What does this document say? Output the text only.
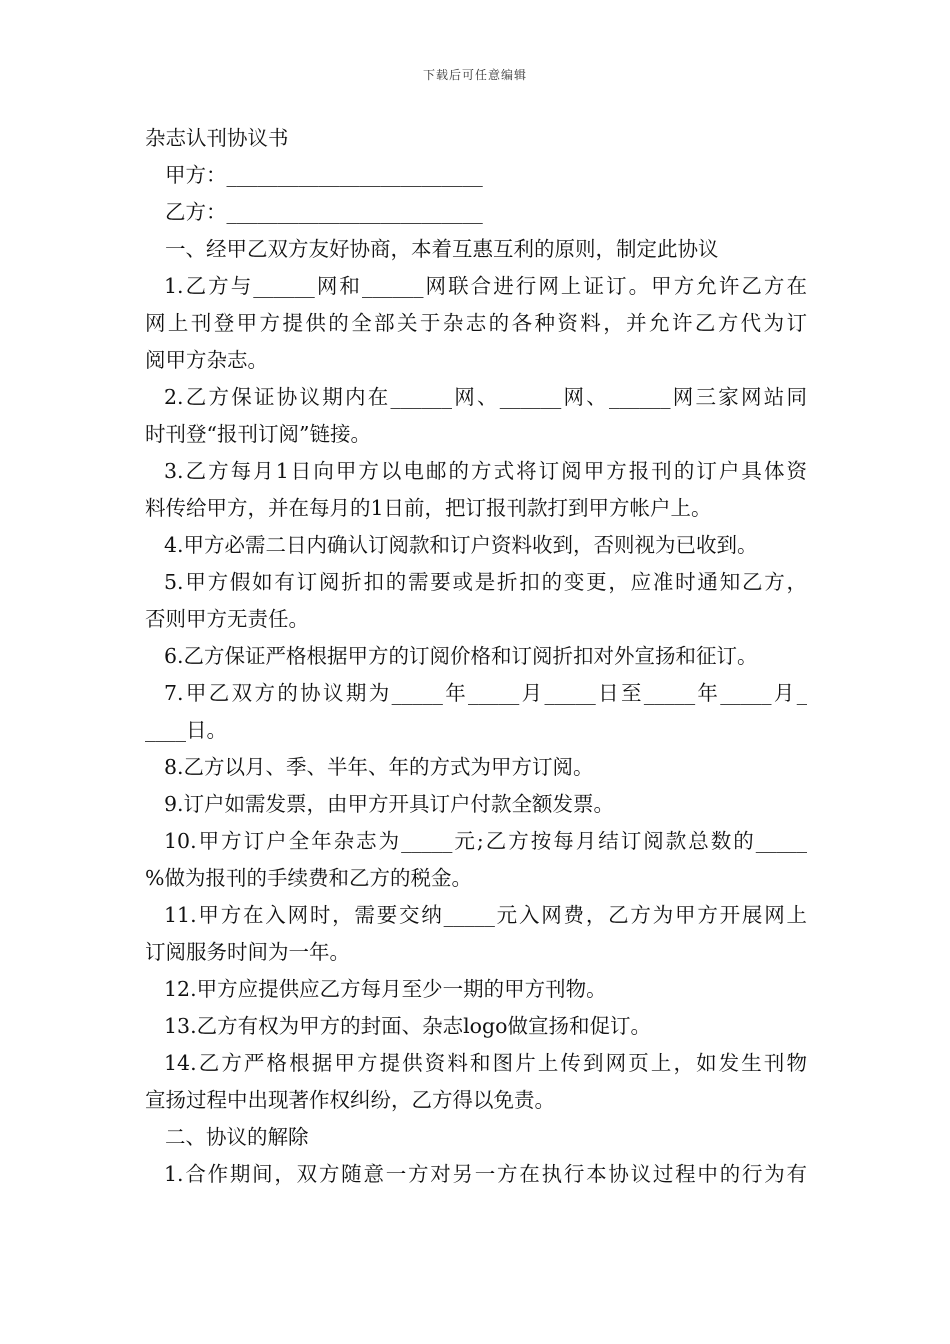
下载后可任意编辑
杂志认刊协议书
甲方：_________________________
乙方：_________________________
一、经甲乙双方友好协商，本着互惠互利的原则，制定此协议
1.乙方与______网和______网联合进行网上证订。甲方允许乙方在
网上刊登甲方提供的全部关于杂志的各种资料，并允许乙方代为订
阅甲方杂志。
2.乙方保证协议期内在______网、______网、______网三家网站同
时刊登“报刊订阅”链接。
3.乙方每月1日向甲方以电邮的方式将订阅甲方报刊的订户具体资
料传给甲方，并在每月的1日前，把订报刊款打到甲方帐户上。
4.甲方必需二日内确认订阅款和订户资料收到，否则视为已收到。
5.甲方假如有订阅折扣的需要或是折扣的变更，应准时通知乙方，
否则甲方无责任。
6.乙方保证严格根据甲方的订阅价格和订阅折扣对外宣扬和征订。
7.甲乙双方的协议期为_____年_____月_____日至_____年_____月_
____日。
8.乙方以月、季、半年、年的方式为甲方订阅。
9.订户如需发票，由甲方开具订户付款全额发票。
10.甲方订户全年杂志为_____元;乙方按每月结订阅款总数的_____
%做为报刊的手续费和乙方的税金。
11.甲方在入网时，需要交纳_____元入网费，乙方为甲方开展网上
订阅服务时间为一年。
12.甲方应提供应乙方每月至少一期的甲方刊物。
13.乙方有权为甲方的封面、杂志logo做宣扬和促订。
14.乙方严格根据甲方提供资料和图片上传到网页上，如发生刊物
宣扬过程中出现著作权纠纷，乙方得以免责。
二、协议的解除
1.合作期间，双方随意一方对另一方在执行本协议过程中的行为有
